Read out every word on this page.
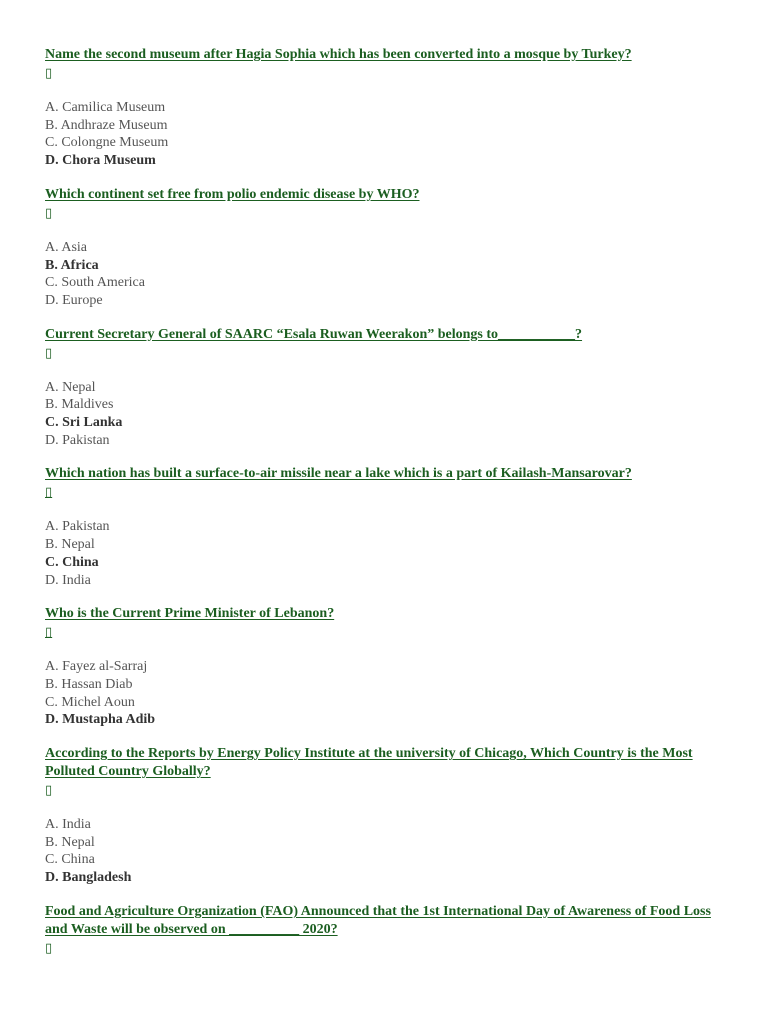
Name the second museum after Hagia Sophia which has been converted into a mosque by Turkey?
▯
A. Camilica Museum
B. Andhraze Museum
C. Colongne Museum
D. Chora Museum
Which continent set free from polio endemic disease by WHO?
▯
A. Asia
B. Africa
C. South America
D. Europe
Current Secretary General of SAARC “Esala Ruwan Weerakon” belongs to___________?
▯
A. Nepal
B. Maldives
C. Sri Lanka
D. Pakistan
Which nation has built a surface-to-air missile near a lake which is a part of Kailash-Mansarovar?
▯
A. Pakistan
B. Nepal
C. China
D. India
Who is the Current Prime Minister of Lebanon?
▯
A. Fayez al-Sarraj
B. Hassan Diab
C. Michel Aoun
D. Mustapha Adib
According to the Reports by Energy Policy Institute at the university of Chicago, Which Country is the Most Polluted Country Globally?
▯
A. India
B. Nepal
C. China
D. Bangladesh
Food and Agriculture Organization (FAO) Announced that the 1st International Day of Awareness of Food Loss and Waste will be observed on __________ 2020?
▯
